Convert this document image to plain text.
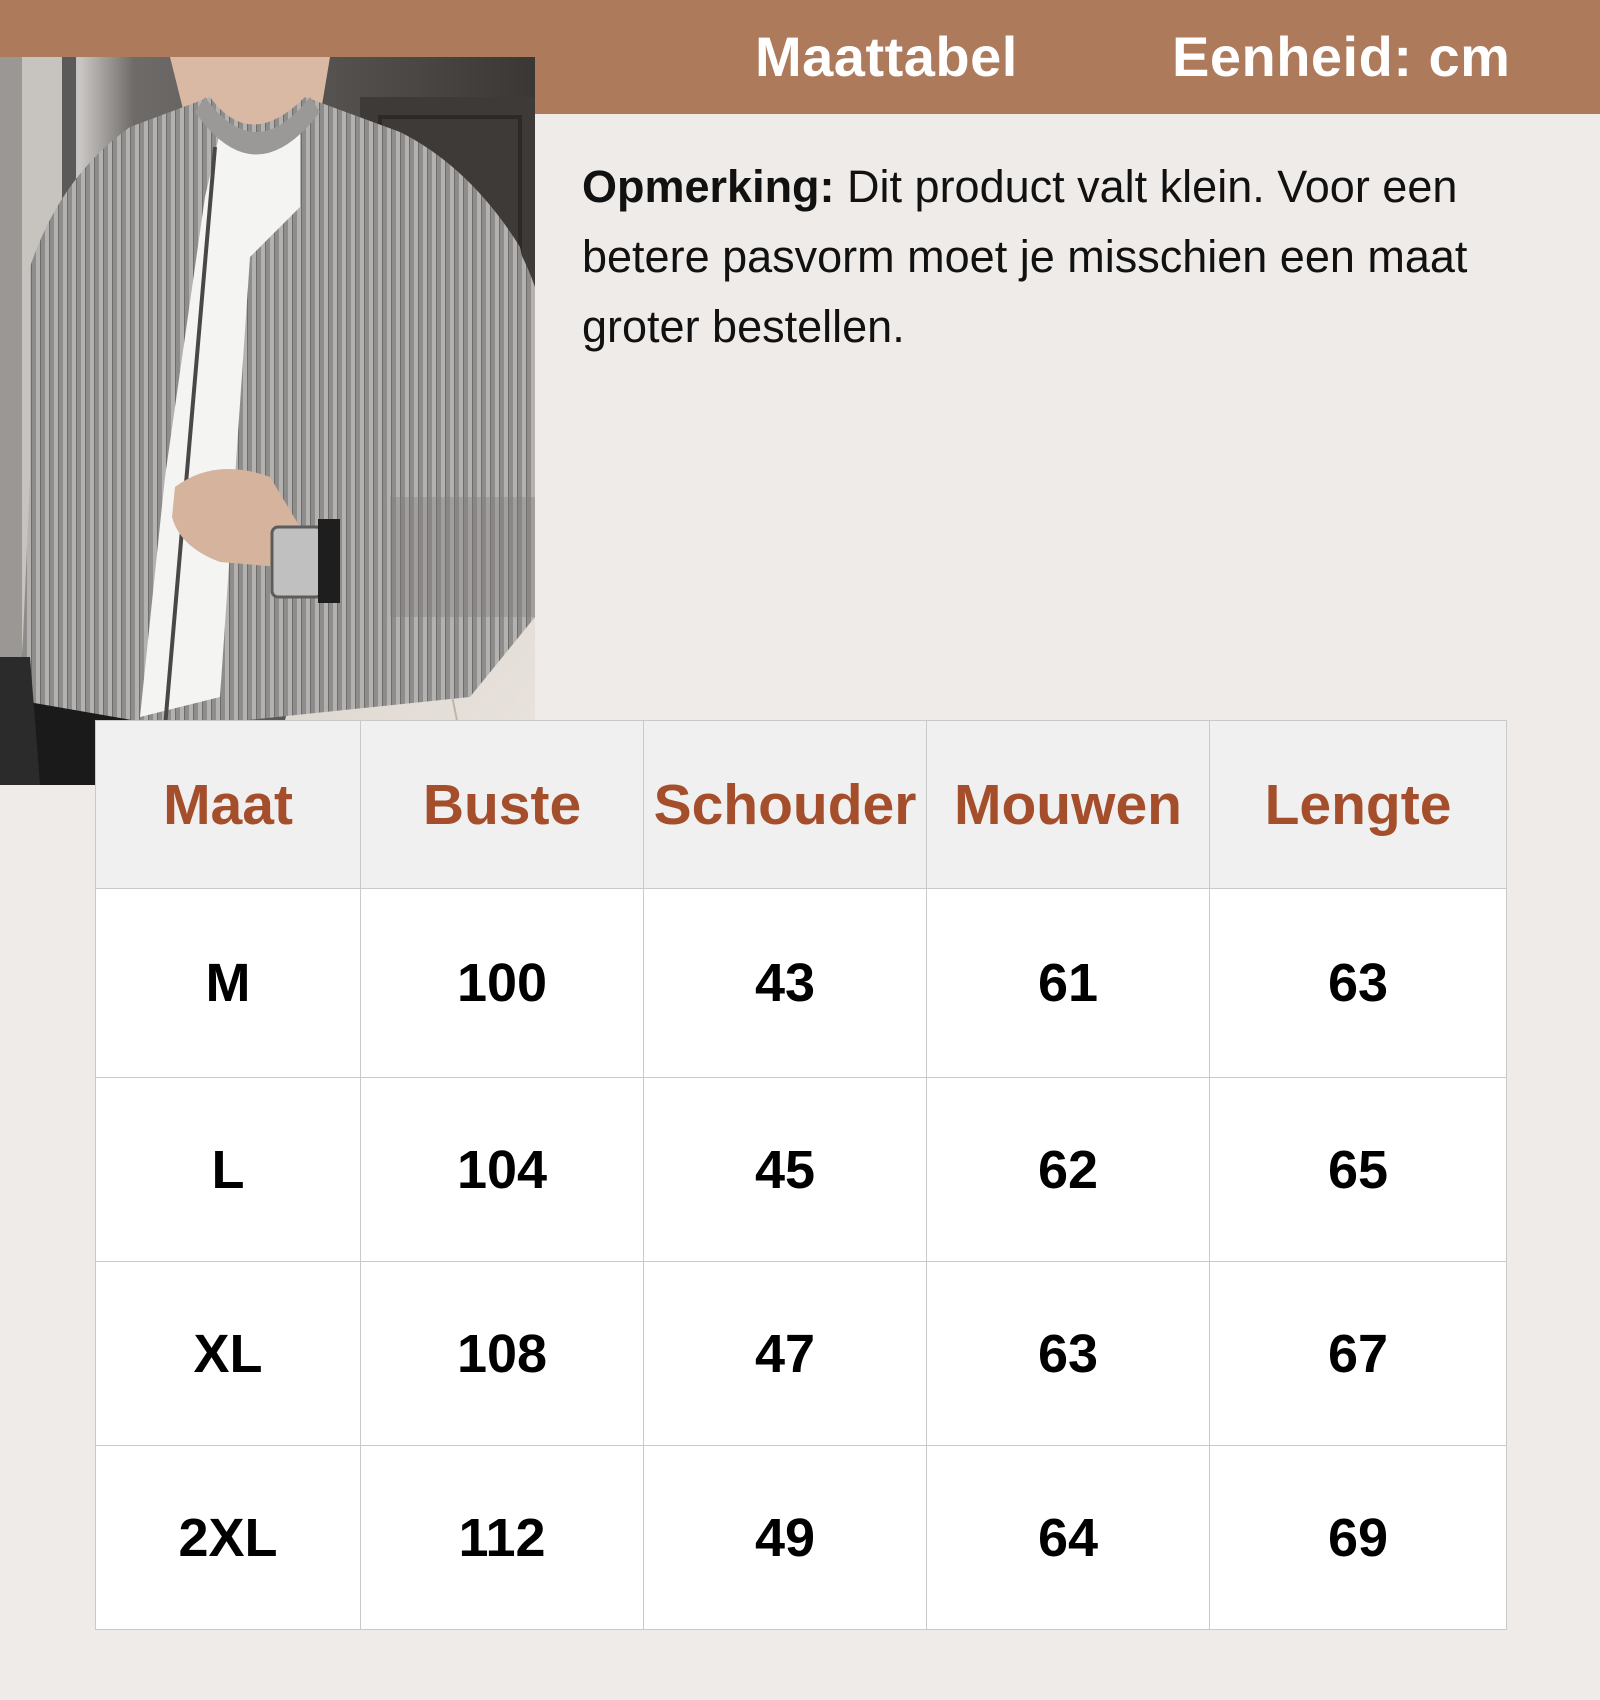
Maattabel	Eenheid: cm
Opmerking: Dit product valt klein. Voor een betere pasvorm moet je misschien een maat groter bestellen.
Maat	Buste	Schouder	Mouwen	Lengte
M	100	43	61	63
L	104	45	62	65
XL	108	47	63	67
2XL	112	49	64	69
